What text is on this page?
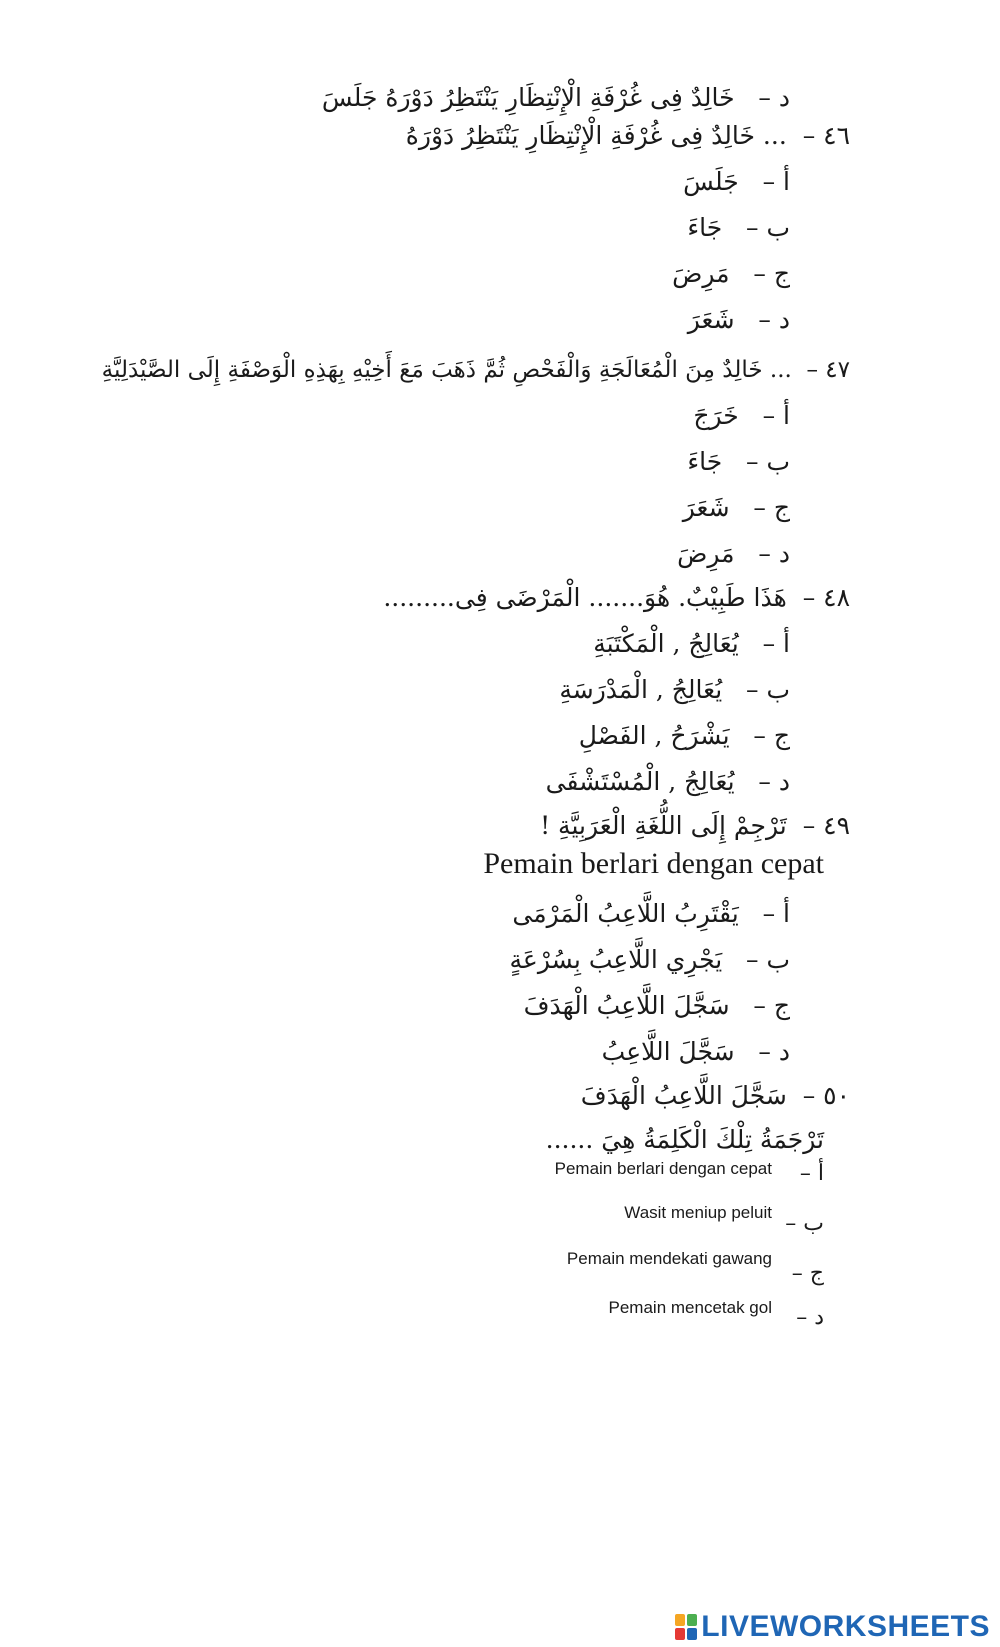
د –   خَالِدٌ فِى غُرْفَةِ الْإِنْتِظَارِ يَنْتَظِرُ دَوْرَهُ جَلَسَ
٤٦ –  ... خَالِدٌ فِى غُرْفَةِ الْإِنْتِظَارِ يَنْتَظِرُ دَوْرَهُ
أ –   جَلَسَ
ب –   جَاءَ
ج –   مَرِضَ
د –   شَعَرَ
٤٧ –  ... خَالِدٌ مِنَ الْمُعَالَجَةِ وَالْفَحْصِ ثُمَّ ذَهَبَ مَعَ أَخِيْهِ بِهَذِهِ الْوَصْفَةِ إِلَى الصَّيْدَلِيَّةِ
أ –   خَرَجَ
ب –   جَاءَ
ج –   شَعَرَ
د –   مَرِضَ
٤٨ –  هَذَا طَبِيْبٌ. هُوَ....... الْمَرْضَى فِى.........
أ –   يُعَالِجُ , الْمَكْتَبَةِ
ب –   يُعَالِجُ , الْمَدْرَسَةِ
ج –   يَشْرَحُ , الفَصْلِ
د –   يُعَالِجُ , الْمُسْتَشْفَى
٤٩ –  تَرْجِمْ إِلَى اللُّغَةِ الْعَرَبِيَّةِ !
Pemain berlari dengan cepat
أ –   يَقْتَرِبُ اللَّاعِبُ الْمَرْمَى
ب –   يَجْرِي اللَّاعِبُ بِسُرْعَةٍ
ج –   سَجَّلَ اللَّاعِبُ الْهَدَفَ
د –   سَجَّلَ اللَّاعِبُ
٥٠ –  سَجَّلَ اللَّاعِبُ الْهَدَفَ
تَرْجَمَةُ تِلْكَ الْكَلِمَةُ هِيَ ......
Pemain berlari dengan cepat أ –
Wasit meniup peluit ب –
Pemain mendekati gawang
ج –
Pemain mencetak gol د –
LIVEWORKSHEETS
